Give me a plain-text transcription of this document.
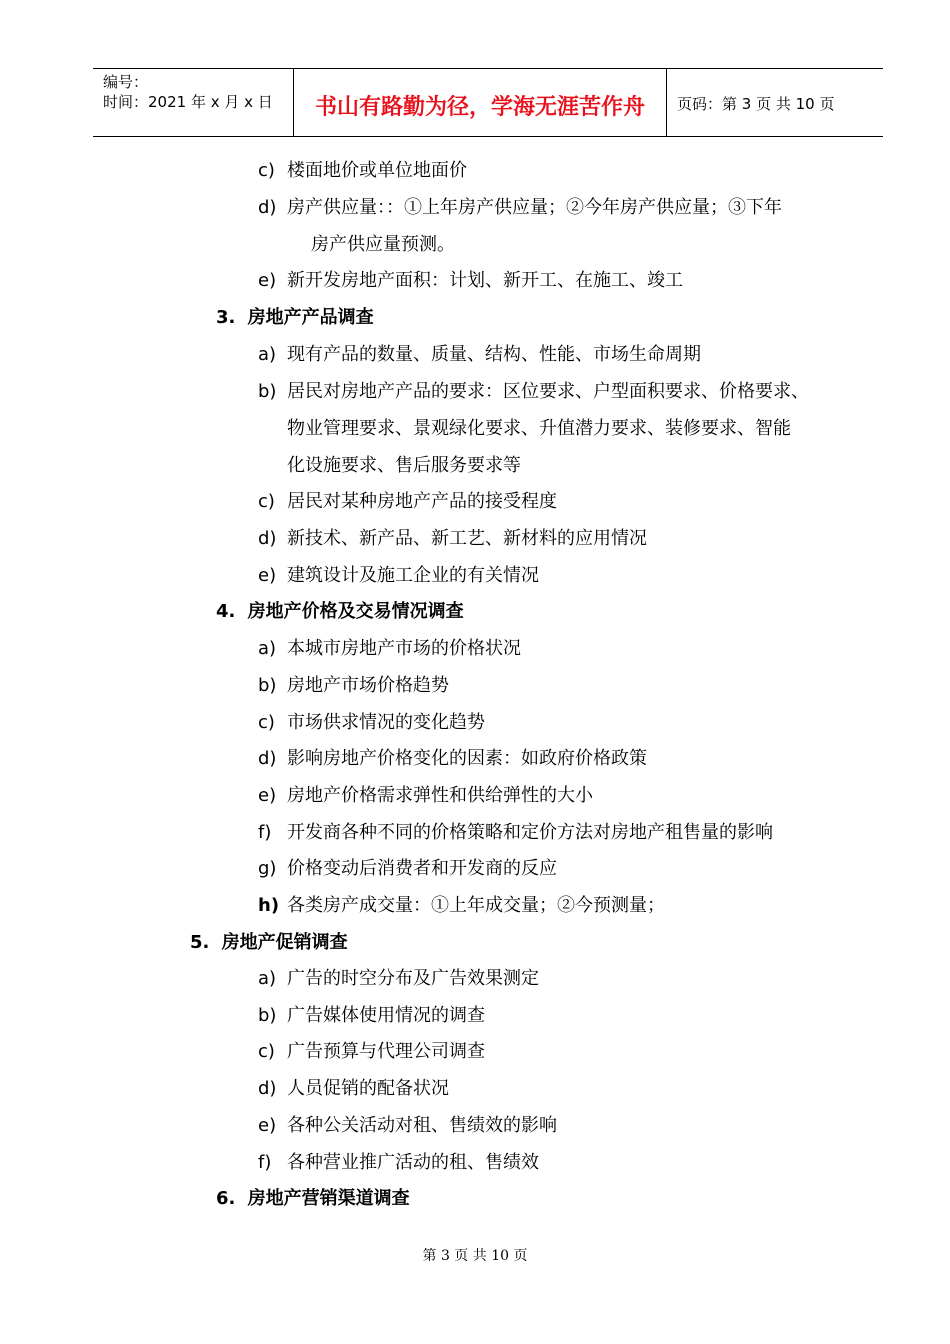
编号：
时间：2021 年 x 月 x 日	书山有路勤为径，学海无涯苦作舟	页码：第 3 页 共 10 页
c) 楼面地价或单位地面价
d) 房产供应量：：①上年房产供应量；②今年房产供应量；③下年
房产供应量预测。
e) 新开发房地产面积：计划、新开工、在施工、竣工
3. 房地产产品调查
a) 现有产品的数量、质量、结构、性能、市场生命周期
b) 居民对房地产产品的要求：区位要求、户型面积要求、价格要求、
物业管理要求、景观绿化要求、升值潜力要求、装修要求、智能
化设施要求、售后服务要求等
c) 居民对某种房地产产品的接受程度
d) 新技术、新产品、新工艺、新材料的应用情况
e) 建筑设计及施工企业的有关情况
4. 房地产价格及交易情况调查
a) 本城市房地产市场的价格状况
b) 房地产市场价格趋势
c) 市场供求情况的变化趋势
d) 影响房地产价格变化的因素：如政府价格政策
e) 房地产价格需求弹性和供给弹性的大小
f) 开发商各种不同的价格策略和定价方法对房地产租售量的影响
g) 价格变动后消费者和开发商的反应
h) 各类房产成交量：①上年成交量；②今预测量；
5. 房地产促销调查
a) 广告的时空分布及广告效果测定
b) 广告媒体使用情况的调查
c) 广告预算与代理公司调查
d) 人员促销的配备状况
e) 各种公关活动对租、售绩效的影响
f) 各种营业推广活动的租、售绩效
6. 房地产营销渠道调查
第 3 页 共 10 页
